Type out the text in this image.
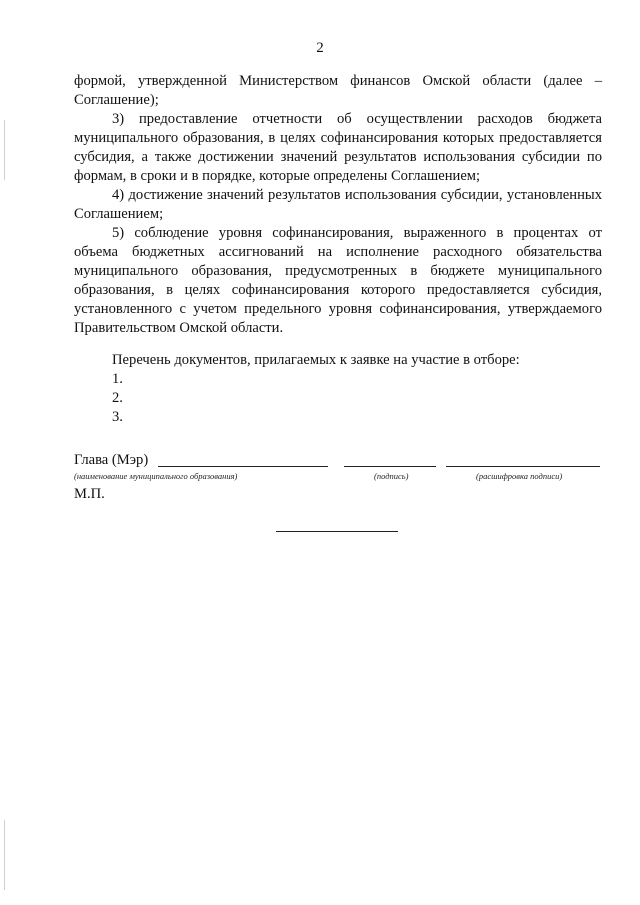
2

формой, утвержденной Министерством финансов Омской области (далее – Соглашение);

3) предоставление отчетности об осуществлении расходов бюджета муниципального образования, в целях софинансирования которых предоставляется субсидия, а также достижении значений результатов использования субсидии по формам, в сроки и в порядке, которые определены Соглашением;

4) достижение значений результатов использования субсидии, установленных Соглашением;

5) соблюдение уровня софинансирования, выраженного в процентах от объема бюджетных ассигнований на исполнение расходного обязательства муниципального образования, предусмотренных в бюджете муниципального образования, в целях софинансирования которого предоставляется субсидия, установленного с учетом предельного уровня софинансирования, утверждаемого Правительством Омской области.

Перечень документов, прилагаемых к заявке на участие в отборе:

1.

2.

3.

Глава (Мэр)
(наименование муниципального образования)	(подпись)	(расшифровка подписи)
М.П.
